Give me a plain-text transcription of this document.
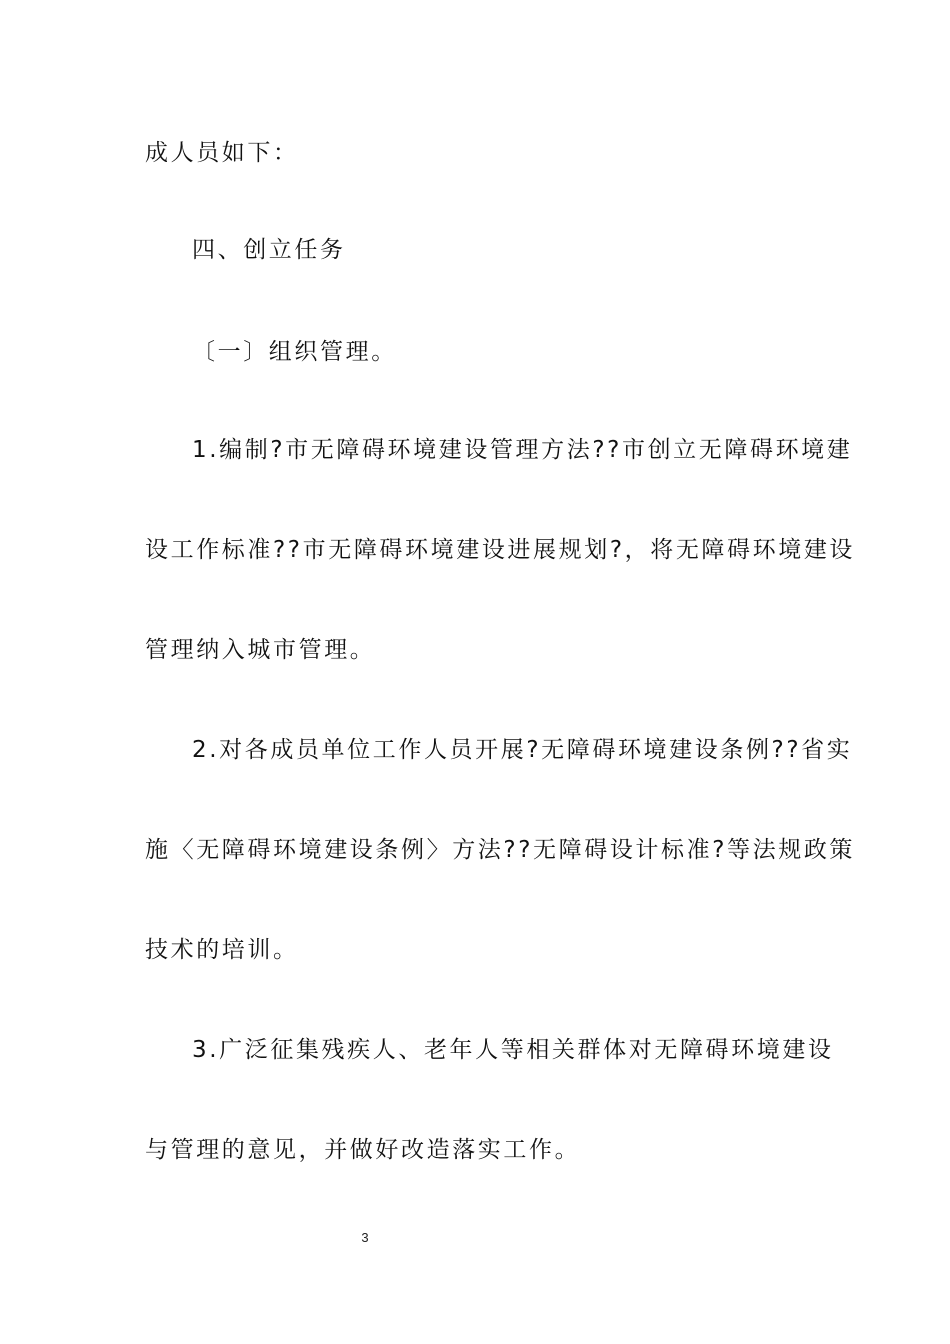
成人员如下：
四、创立任务
〔一〕组织管理。
1.编制?市无障碍环境建设管理方法??市创立无障碍环境建
设工作标准??市无障碍环境建设进展规划?，将无障碍环境建设
管理纳入城市管理。
2.对各成员单位工作人员开展?无障碍环境建设条例??省实
施〈无障碍环境建设条例〉方法??无障碍设计标准?等法规政策
技术的培训。
3.广泛征集残疾人、老年人等相关群体对无障碍环境建设
与管理的意见，并做好改造落实工作。
3
